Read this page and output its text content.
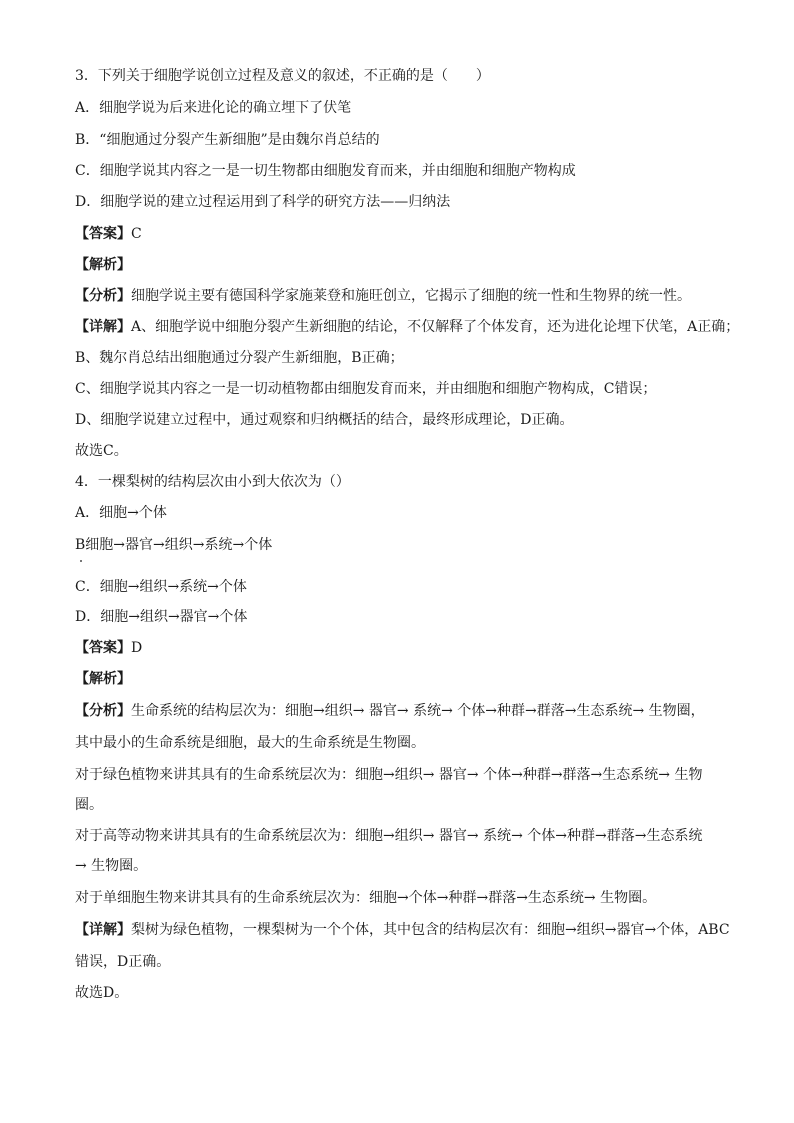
3．下列关于细胞学说创立过程及意义的叙述，不正确的是（　　）
A．细胞学说为后来进化论的确立埋下了伏笔
B．“细胞通过分裂产生新细胞”是由魏尔肖总结的
C．细胞学说其内容之一是一切生物都由细胞发育而来，并由细胞和细胞产物构成
D．细胞学说的建立过程运用到了科学的研究方法——归纳法
【答案】C
【解析】
【分析】细胞学说主要有德国科学家施莱登和施旺创立，它揭示了细胞的统一性和生物界的统一性。
【详解】A、细胞学说中细胞分裂产生新细胞的结论，不仅解释了个体发育，还为进化论埋下伏笔，A正确；
B、魏尔肖总结出细胞通过分裂产生新细胞，B正确；
C、细胞学说其内容之一是一切动植物都由细胞发育而来，并由细胞和细胞产物构成，C错误；
D、细胞学说建立过程中，通过观察和归纳概括的结合，最终形成理论，D正确。
故选C。
4．一棵梨树的结构层次由小到大依次为（）
A．细胞→个体
B细胞→器官→组织→系统→个体
C．细胞→组织→系统→个体
D．细胞→组织→器官→个体
【答案】D
【解析】
【分析】生命系统的结构层次为：细胞→组织→ 器官→ 系统→ 个体→种群→群落→生态系统→ 生物圈，
其中最小的生命系统是细胞，最大的生命系统是生物圈。
对于绿色植物来讲其具有的生命系统层次为：细胞→组织→ 器官→ 个体→种群→群落→生态系统→ 生物
圈。
对于高等动物来讲其具有的生命系统层次为：细胞→组织→ 器官→ 系统→ 个体→种群→群落→生态系统
→ 生物圈。
对于单细胞生物来讲其具有的生命系统层次为：细胞→个体→种群→群落→生态系统→ 生物圈。
【详解】梨树为绿色植物，一棵梨树为一个个体，其中包含的结构层次有：细胞→组织→器官→个体，ABC
错误，D正确。
故选D。
